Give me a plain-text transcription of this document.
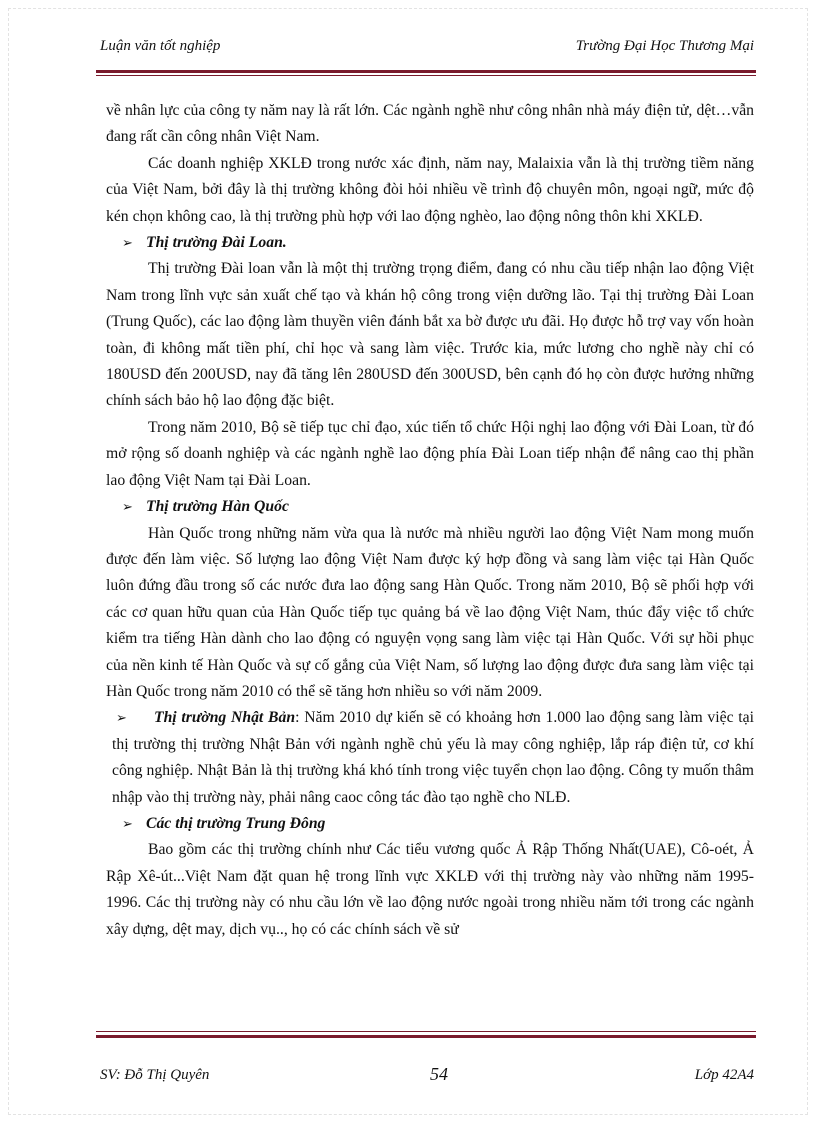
Luận văn tốt nghiệp	Trường Đại Học Thương Mại

về nhân lực của công ty năm nay là rất lớn. Các ngành nghề như công nhân nhà máy điện tử, dệt…vẫn đang rất cần công nhân Việt Nam.

Các doanh nghiệp XKLĐ trong nước xác định, năm nay, Malaixia vẫn là thị trường tiềm năng của Việt Nam, bởi đây là thị trường không đòi hỏi nhiều về trình độ chuyên môn, ngoại ngữ, mức độ kén chọn không cao, là thị trường phù hợp với lao động nghèo, lao động nông thôn khi XKLĐ.

➢ Thị trường Đài Loan.

Thị trường Đài loan vẫn là một thị trường trọng điểm, đang có nhu cầu tiếp nhận lao động Việt Nam trong lĩnh vực sản xuất chế tạo và khán hộ công trong viện dưỡng lão. Tại thị trường Đài Loan (Trung Quốc), các lao động làm thuyền viên đánh bắt xa bờ được ưu đãi. Họ được hỗ trợ vay vốn hoàn toàn, đi không mất tiền phí, chỉ học và sang làm việc. Trước kia, mức lương cho nghề này chỉ có 180USD đến 200USD, nay đã tăng lên 280USD đến 300USD, bên cạnh đó họ còn được hưởng những chính sách bảo hộ lao động đặc biệt.

Trong năm 2010, Bộ sẽ tiếp tục chỉ đạo, xúc tiến tổ chức Hội nghị lao động với Đài Loan, từ đó mở rộng số doanh nghiệp và các ngành nghề lao động phía Đài Loan tiếp nhận để nâng cao thị phần lao động Việt Nam tại Đài Loan.

➢ Thị trường Hàn Quốc

Hàn Quốc trong những năm vừa qua là nước mà nhiều người lao động Việt Nam mong muốn được đến làm việc. Số lượng lao động Việt Nam được ký hợp đồng và sang làm việc tại Hàn Quốc luôn đứng đầu trong số các nước đưa lao động sang Hàn Quốc. Trong năm 2010, Bộ sẽ phối hợp với các cơ quan hữu quan của Hàn Quốc tiếp tục quảng bá về lao động Việt Nam, thúc đẩy việc tổ chức kiểm tra tiếng Hàn dành cho lao động có nguyện vọng sang làm việc tại Hàn Quốc. Với sự hồi phục của nền kinh tế Hàn Quốc và sự cố gắng của Việt Nam, số lượng lao động được đưa sang làm việc tại Hàn Quốc trong năm 2010 có thể sẽ tăng hơn nhiều so với năm 2009.

➢ Thị trường Nhật Bản: Năm 2010 dự kiến sẽ có khoảng hơn 1.000 lao động sang làm việc tại thị trường thị trường Nhật Bản với ngành nghề chủ yếu là may công nghiệp, lắp ráp điện tử, cơ khí công nghiệp. Nhật Bản là thị trường khá khó tính trong việc tuyển chọn lao động. Công ty muốn thâm nhập vào thị trường này, phải nâng caoc công tác đào tạo nghề cho NLĐ.

➢ Các thị trường Trung Đông

Bao gồm các thị trường chính như Các tiểu vương quốc Ả Rập Thống Nhất(UAE), Cô-oét, Ả Rập Xê-út...Việt Nam đặt quan hệ trong lĩnh vực XKLĐ với thị trường này vào những năm 1995-1996. Các thị trường này có nhu cầu lớn về lao động nước ngoài trong nhiều năm tới trong các ngành xây dựng, dệt may, dịch vụ.., họ có các chính sách về sử

SV: Đỗ Thị Quyên	54	Lớp 42A4
